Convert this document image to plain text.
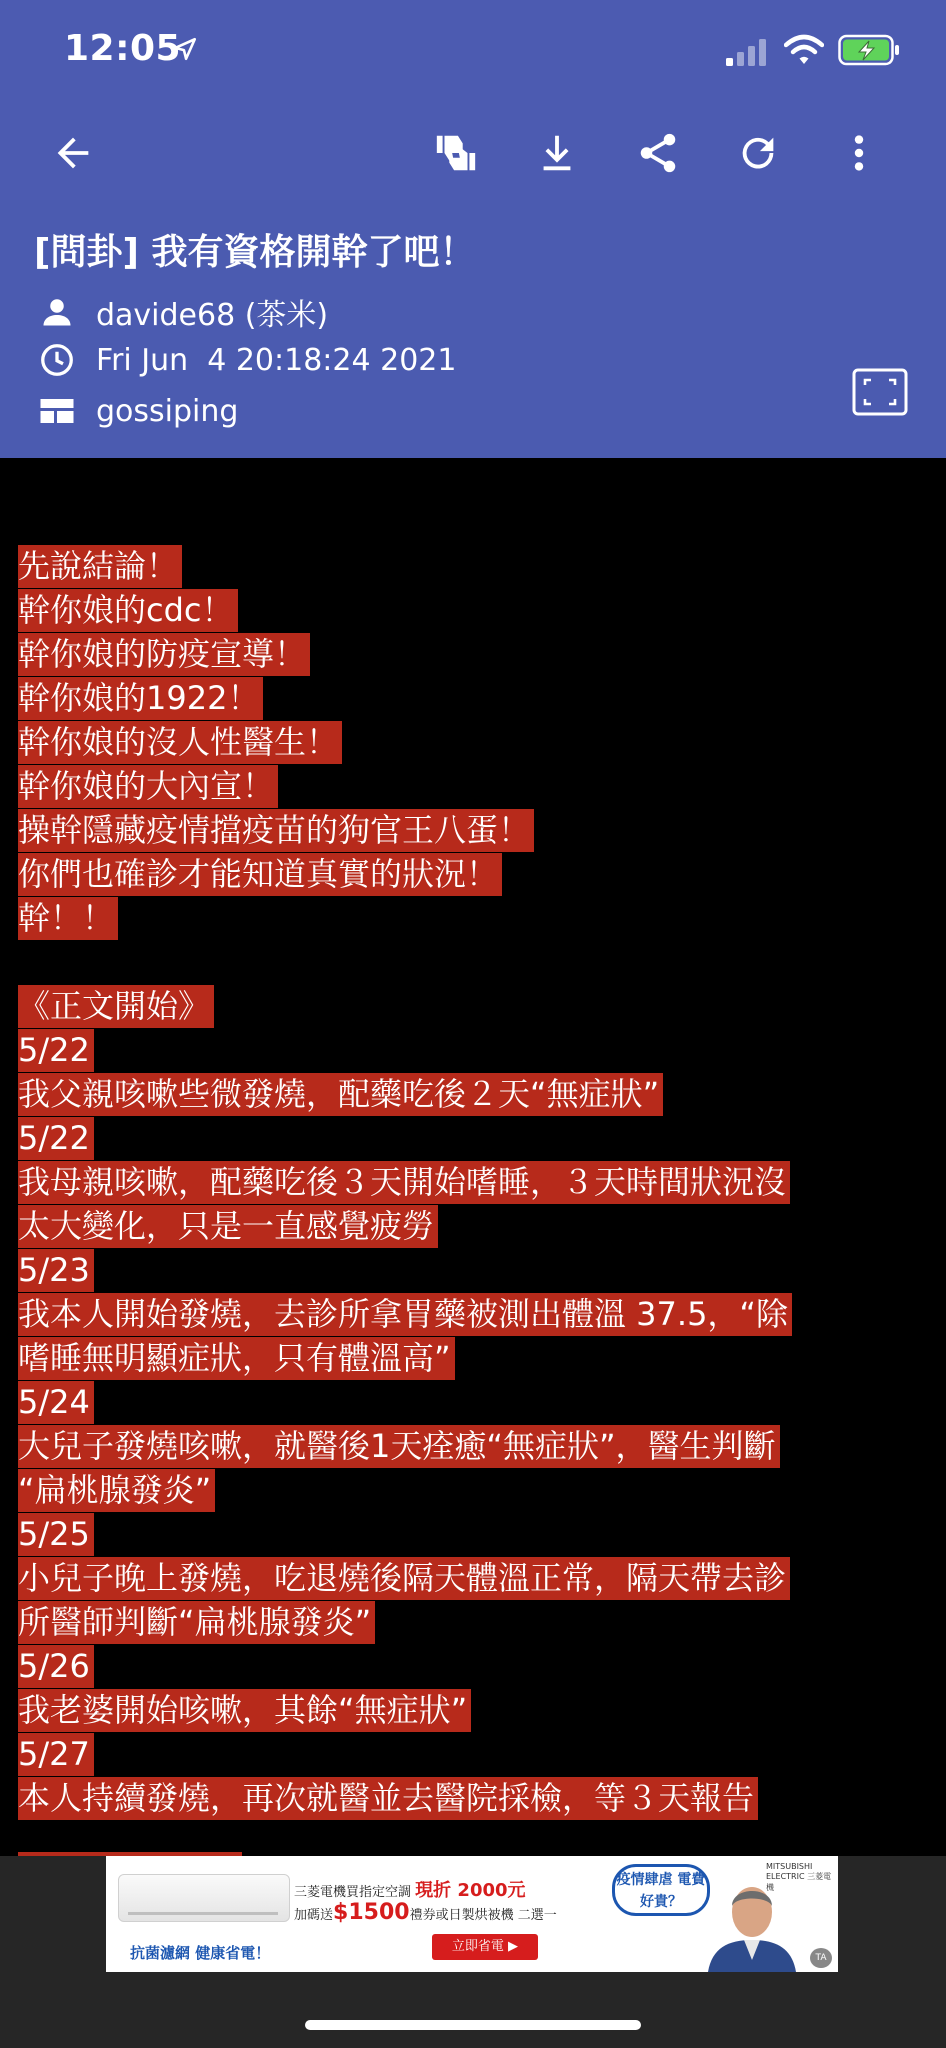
12:05
[問卦] 我有資格開幹了吧！
davide68 (茶米)
Fri Jun  4 20:18:24 2021
gossiping
先說結論！
幹你娘的cdc！
幹你娘的防疫宣導！
幹你娘的1922！
幹你娘的沒人性醫生！
幹你娘的大內宣！
操幹隱藏疫情擋疫苗的狗官王八蛋！
你們也確診才能知道真實的狀況！
幹！！
《正文開始》
5/22
我父親咳嗽些微發燒，配藥吃後２天“無症狀”
5/22
我母親咳嗽，配藥吃後３天開始嗜睡，３天時間狀況沒
太大變化，只是一直感覺疲勞
5/23
我本人開始發燒，去診所拿胃藥被測出體溫 37.5，“除
嗜睡無明顯症狀，只有體溫高”
5/24
大兒子發燒咳嗽，就醫後1天痊癒“無症狀”，醫生判斷
“扁桃腺發炎”
5/25
小兒子晚上發燒，吃退燒後隔天體溫正常，隔天帶去診
所醫師判斷“扁桃腺發炎”
5/26
我老婆開始咳嗽，其餘“無症狀”
5/27
本人持續發燒，再次就醫並去醫院採檢，等３天報告
抗菌濾網 健康省電！
三菱電機買指定空調 現折 2000元
加碼送$1500禮券或日製烘被機 二選一
立即省電 ▶
疫情肆虐 電費好貴？
MITSUBISHI ELECTRIC 三菱電機
TA
